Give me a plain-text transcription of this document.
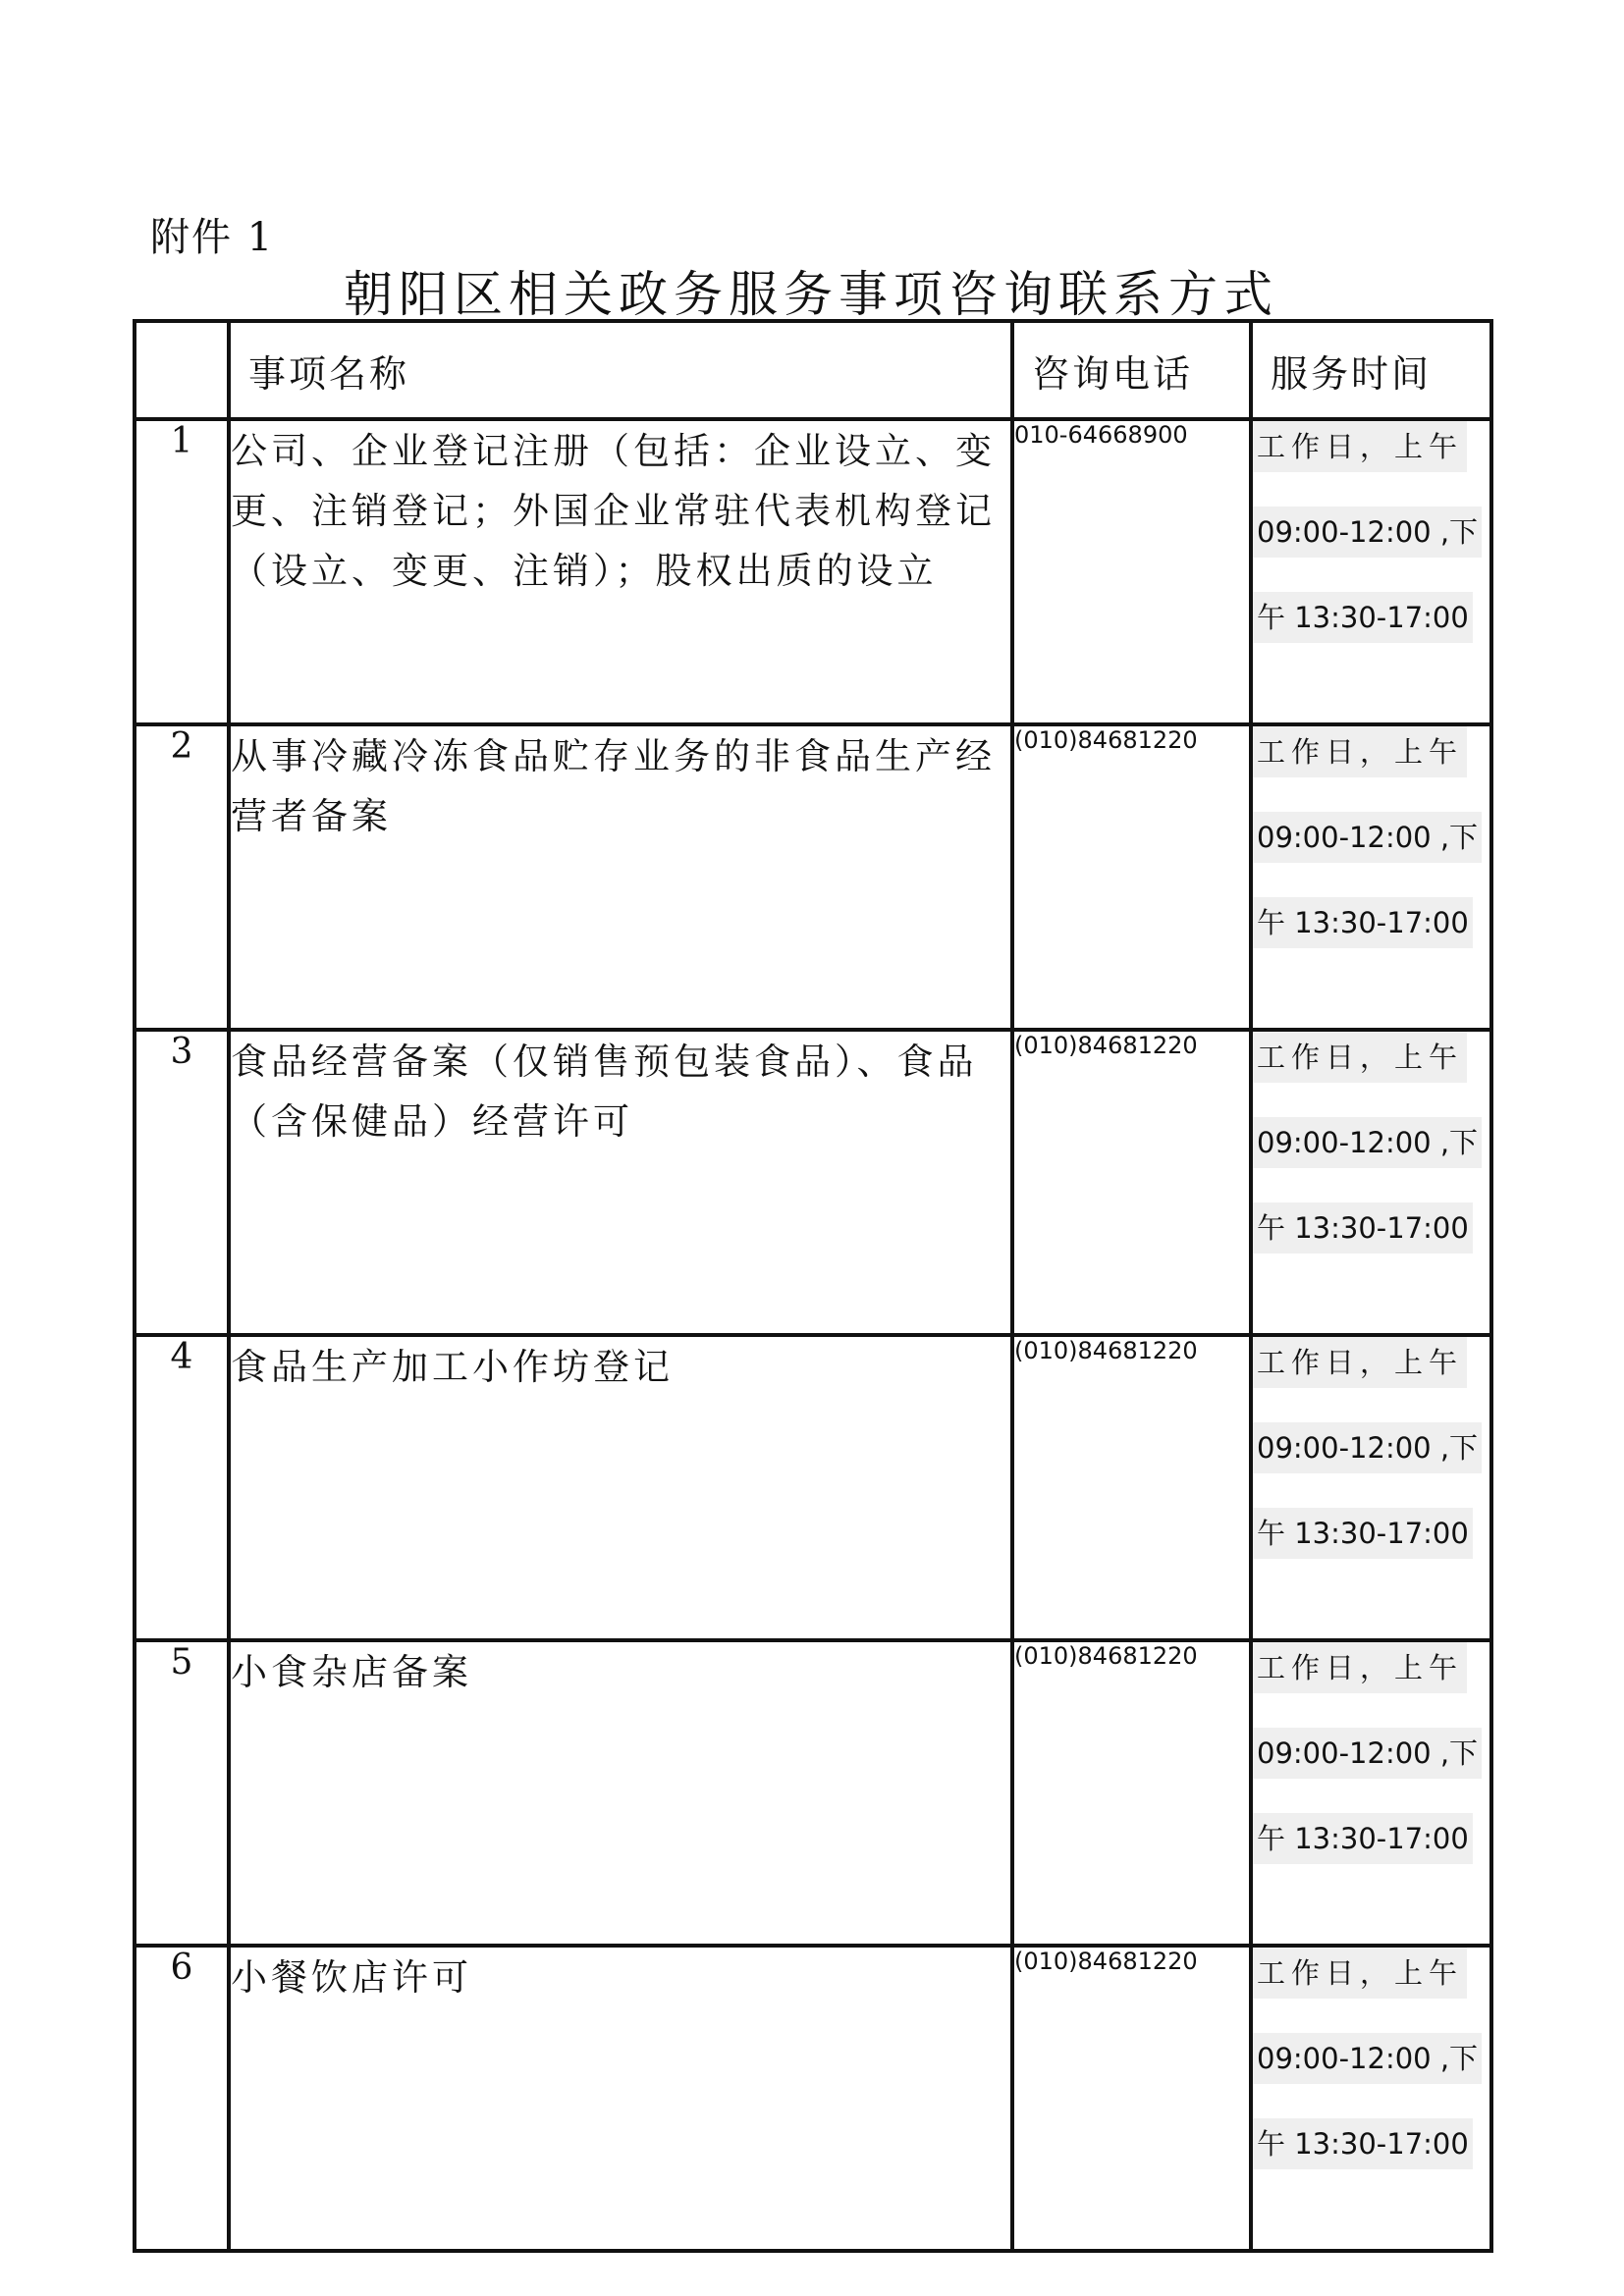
附件 1
朝阳区相关政务服务事项咨询联系方式
	事项名称	咨询电话	服务时间
1	公司、企业登记注册（包括：企业设立、变更、注销登记；外国企业常驻代表机构登记（设立、变更、注销）；股权出质的设立	010-64668900	工作日，上午
09:00-12:00 ,下
午 13:30-17:00
2	从事冷藏冷冻食品贮存业务的非食品生产经营者备案	(010)84681220	工作日，上午
09:00-12:00 ,下
午 13:30-17:00
3	食品经营备案（仅销售预包装食品）、食品（含保健品）经营许可	(010)84681220	工作日，上午
09:00-12:00 ,下
午 13:30-17:00
4	食品生产加工小作坊登记	(010)84681220	工作日，上午
09:00-12:00 ,下
午 13:30-17:00
5	小食杂店备案	(010)84681220	工作日，上午
09:00-12:00 ,下
午 13:30-17:00
6	小餐饮店许可	(010)84681220	工作日，上午
09:00-12:00 ,下
午 13:30-17:00
